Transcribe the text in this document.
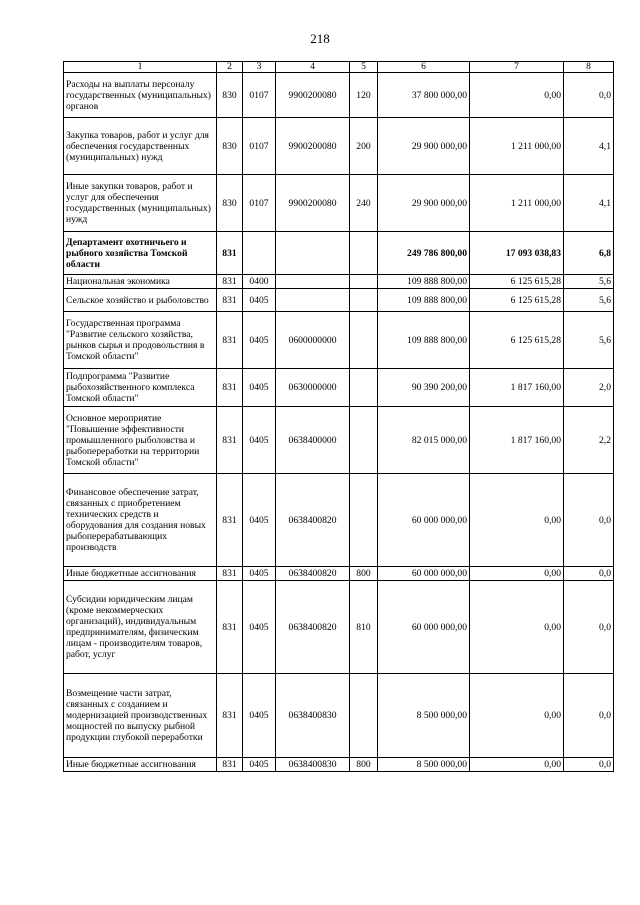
218
1	2	3	4	5	6	7	8
Расходы на выплаты персоналу государственных (муниципальных) органов	830	0107	9900200080	120	37 800 000,00	0,00	0,0
Закупка товаров, работ и услуг для обеспечения государственных (муниципальных) нужд	830	0107	9900200080	200	29 900 000,00	1 211 000,00	4,1
Иные закупки товаров, работ и услуг для обеспечения государственных (муниципальных) нужд	830	0107	9900200080	240	29 900 000,00	1 211 000,00	4,1
Департамент охотничьего и рыбного хозяйства Томской области	831				249 786 800,00	17 093 038,83	6,8
Национальная экономика	831	0400			109 888 800,00	6 125 615,28	5,6
Сельское хозяйство и рыболовство	831	0405			109 888 800,00	6 125 615,28	5,6
Государственная программа "Развитие сельского хозяйства, рынков сырья и продовольствия в Томской области"	831	0405	0600000000		109 888 800,00	6 125 615,28	5,6
Подпрограмма "Развитие рыбохозяйственного комплекса Томской области"	831	0405	0630000000		90 390 200,00	1 817 160,00	2,0
Основное мероприятие "Повышение эффективности промышленного рыболовства и рыбопереработки на территории Томской области"	831	0405	0638400000		82 015 000,00	1 817 160,00	2,2
Финансовое обеспечение затрат, связанных с приобретением технических средств и оборудования для создания новых рыбоперерабатывающих производств	831	0405	0638400820		60 000 000,00	0,00	0,0
Иные бюджетные ассигнования	831	0405	0638400820	800	60 000 000,00	0,00	0,0
Субсидии юридическим лицам (кроме некоммерческих организаций), индивидуальным предпринимателям, физическим лицам - производителям товаров, работ, услуг	831	0405	0638400820	810	60 000 000,00	0,00	0,0
Возмещение части затрат, связанных с созданием и модернизацией производственных мощностей по выпуску рыбной продукции глубокой переработки	831	0405	0638400830		8 500 000,00	0,00	0,0
Иные бюджетные ассигнования	831	0405	0638400830	800	8 500 000,00	0,00	0,0
